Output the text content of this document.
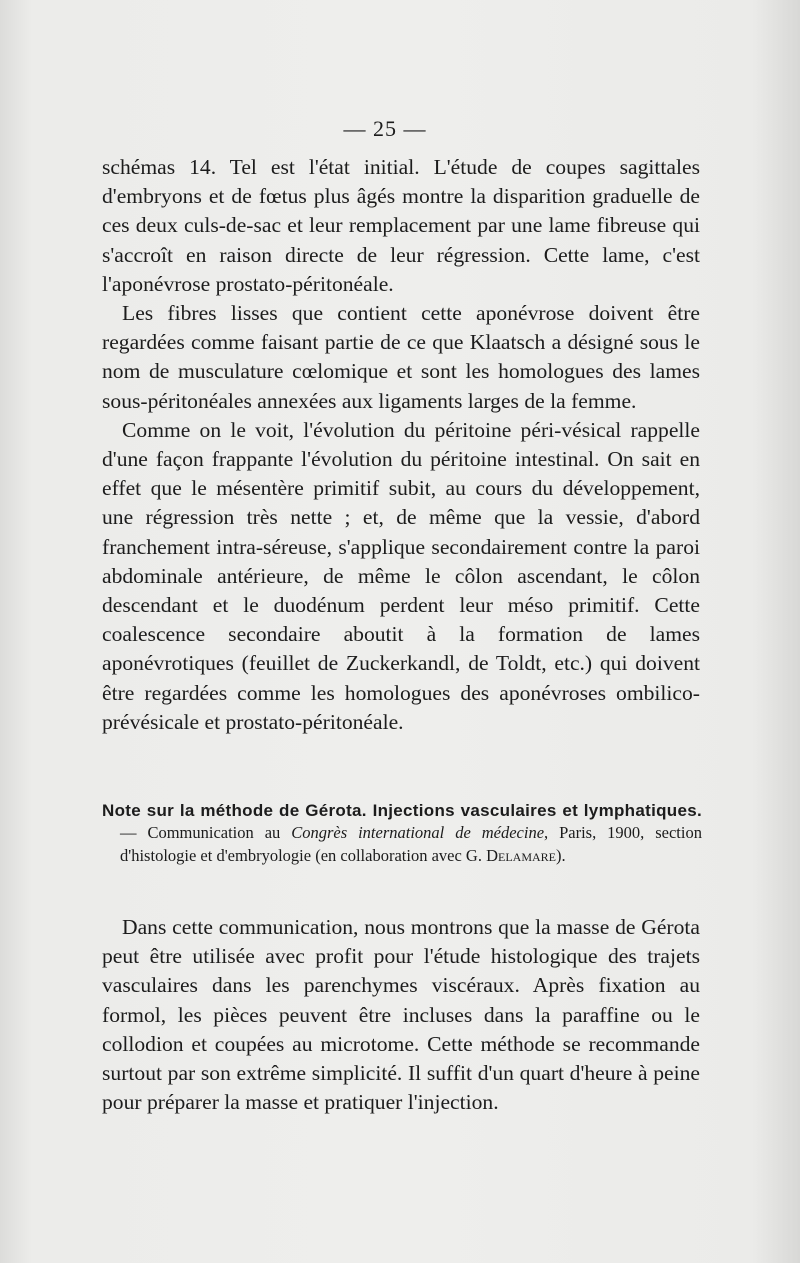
— 25 —

schémas 14. Tel est l'état initial. L'étude de coupes sagittales d'embryons et de fœtus plus âgés montre la disparition graduelle de ces deux culs-de-sac et leur remplacement par une lame fibreuse qui s'accroît en raison directe de leur régression. Cette lame, c'est l'aponévrose prostato-péritonéale.

Les fibres lisses que contient cette aponévrose doivent être regardées comme faisant partie de ce que Klaatsch a désigné sous le nom de musculature cœlomique et sont les homologues des lames sous-péritonéales annexées aux ligaments larges de la femme.

Comme on le voit, l'évolution du péritoine péri-vésical rappelle d'une façon frappante l'évolution du péritoine intestinal. On sait en effet que le mésentère primitif subit, au cours du développement, une régression très nette ; et, de même que la vessie, d'abord franchement intra-séreuse, s'applique secondairement contre la paroi abdominale antérieure, de même le côlon ascendant, le côlon descendant et le duodénum perdent leur méso primitif. Cette coalescence secondaire aboutit à la formation de lames aponévrotiques (feuillet de Zuckerkandl, de Toldt, etc.) qui doivent être regardées comme les homologues des aponévroses ombilico-prévésicale et prostato-péritonéale.

Note sur la méthode de Gérota. Injections vasculaires et lymphatiques. — Communication au Congrès international de médecine, Paris, 1900, section d'histologie et d'embryologie (en collaboration avec G. Delamare).

Dans cette communication, nous montrons que la masse de Gérota peut être utilisée avec profit pour l'étude histologique des trajets vasculaires dans les parenchymes viscéraux. Après fixation au formol, les pièces peuvent être incluses dans la paraffine ou le collodion et coupées au microtome. Cette méthode se recommande surtout par son extrême simplicité. Il suffit d'un quart d'heure à peine pour préparer la masse et pratiquer l'injection.
